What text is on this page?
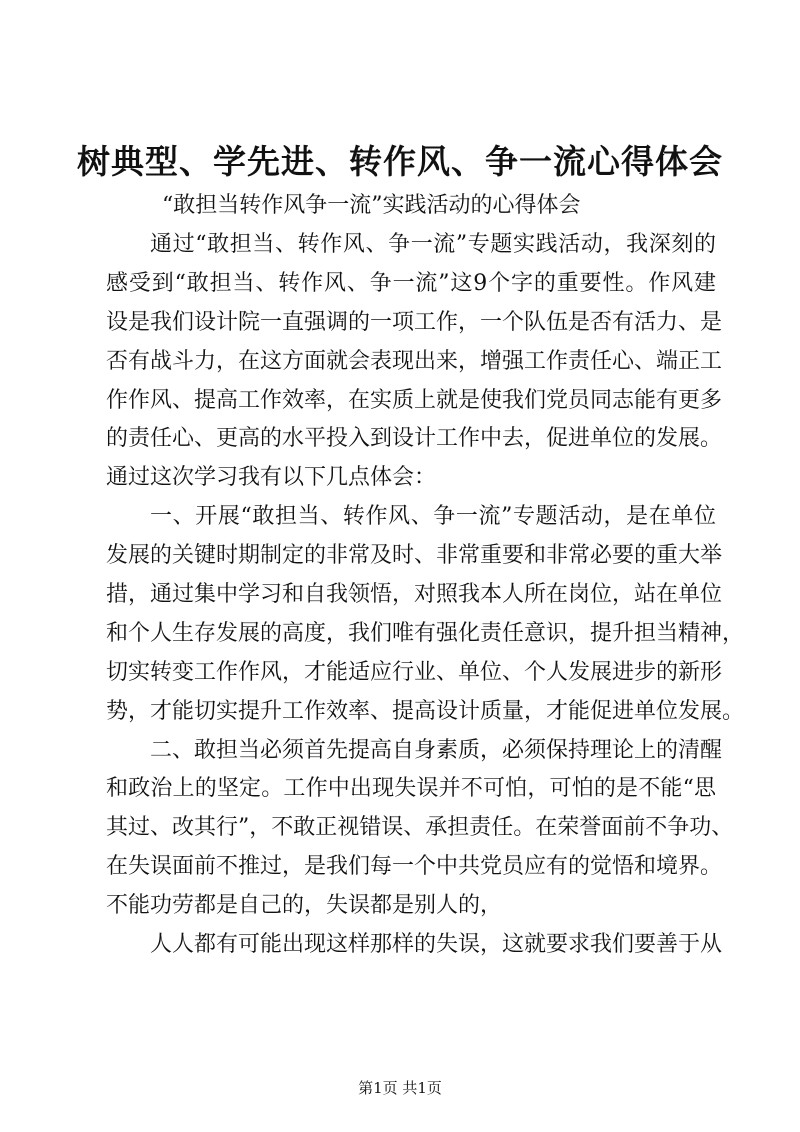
树典型、学先进、转作风、争一流心得体会
“敢担当转作风争一流”实践活动的心得体会
通过“敢担当、转作风、争一流”专题实践活动，我深刻的
感受到“敢担当、转作风、争一流”这9个字的重要性。作风建
设是我们设计院一直强调的一项工作，一个队伍是否有活力、是
否有战斗力，在这方面就会表现出来，增强工作责任心、端正工
作作风、提高工作效率，在实质上就是使我们党员同志能有更多
的责任心、更高的水平投入到设计工作中去，促进单位的发展。
通过这次学习我有以下几点体会：
一、开展“敢担当、转作风、争一流”专题活动，是在单位
发展的关键时期制定的非常及时、非常重要和非常必要的重大举
措，通过集中学习和自我领悟，对照我本人所在岗位，站在单位
和个人生存发展的高度，我们唯有强化责任意识，提升担当精神，
切实转变工作作风，才能适应行业、单位、个人发展进步的新形
势，才能切实提升工作效率、提高设计质量，才能促进单位发展。
二、敢担当必须首先提高自身素质，必须保持理论上的清醒
和政治上的坚定。工作中出现失误并不可怕，可怕的是不能“思
其过、改其行”，不敢正视错误、承担责任。在荣誉面前不争功、
在失误面前不推过，是我们每一个中共党员应有的觉悟和境界。
不能功劳都是自己的，失误都是别人的，
人人都有可能出现这样那样的失误，这就要求我们要善于从
第1页 共1页
